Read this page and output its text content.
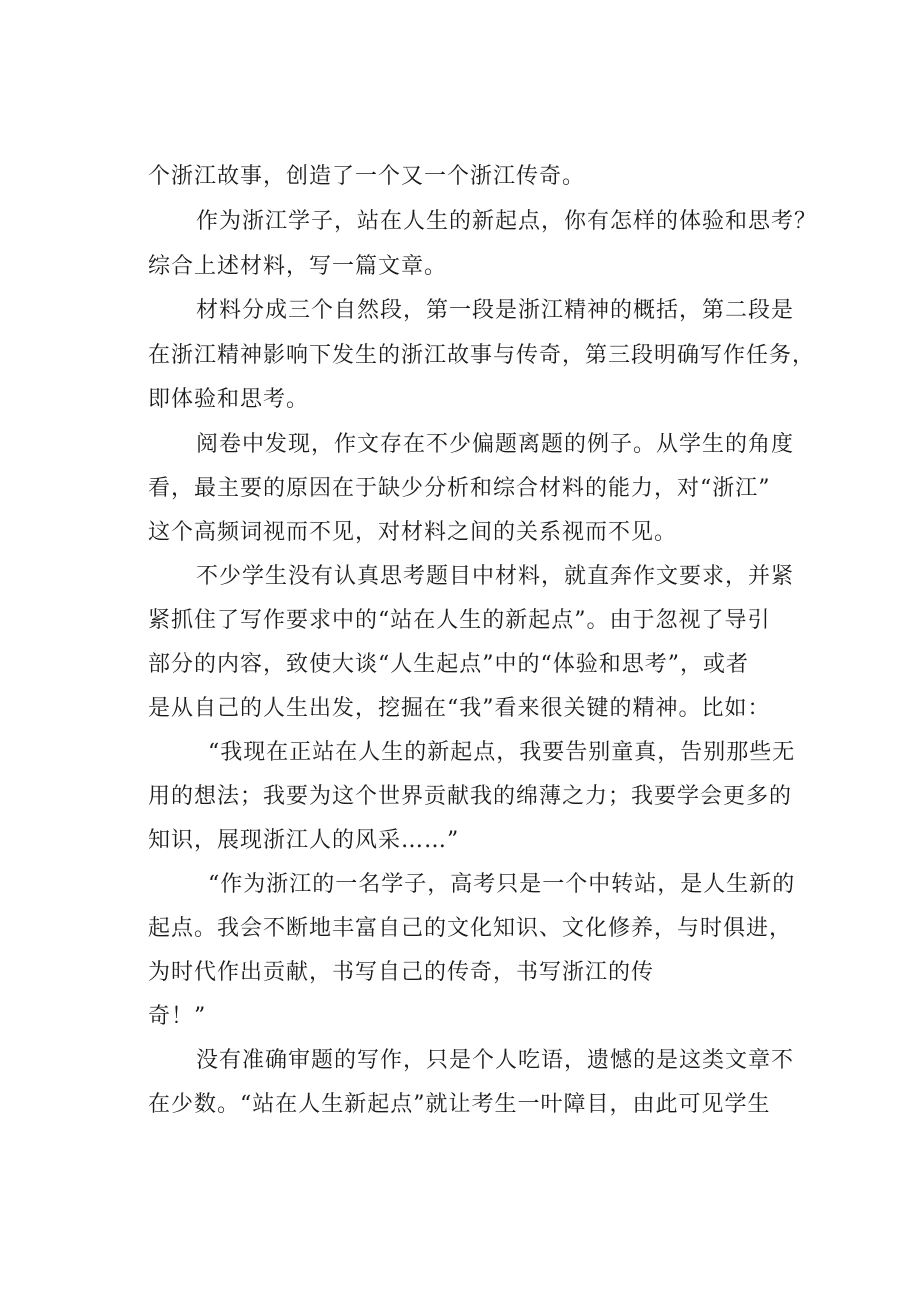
个浙江故事，创造了一个又一个浙江传奇。
作为浙江学子，站在人生的新起点，你有怎样的体验和思考？
综合上述材料，写一篇文章。
材料分成三个自然段，第一段是浙江精神的概括，第二段是
在浙江精神影响下发生的浙江故事与传奇，第三段明确写作任务，
即体验和思考。
阅卷中发现，作文存在不少偏题离题的例子。从学生的角度
看，最主要的原因在于缺少分析和综合材料的能力，对“浙江”
这个高频词视而不见，对材料之间的关系视而不见。
不少学生没有认真思考题目中材料，就直奔作文要求，并紧
紧抓住了写作要求中的“站在人生的新起点”。由于忽视了导引
部分的内容，致使大谈“人生起点”中的“体验和思考”，或者
是从自己的人生出发，挖掘在“我”看来很关键的精神。比如：
“我现在正站在人生的新起点，我要告别童真，告别那些无
用的想法；我要为这个世界贡献我的绵薄之力；我要学会更多的
知识，展现浙江人的风采……”
“作为浙江的一名学子，高考只是一个中转站，是人生新的
起点。我会不断地丰富自己的文化知识、文化修养，与时俱进，
为时代作出贡献，书写自己的传奇，书写浙江的传
奇！”
没有准确审题的写作，只是个人吃语，遗憾的是这类文章不
在少数。“站在人生新起点”就让考生一叶障目，由此可见学生
